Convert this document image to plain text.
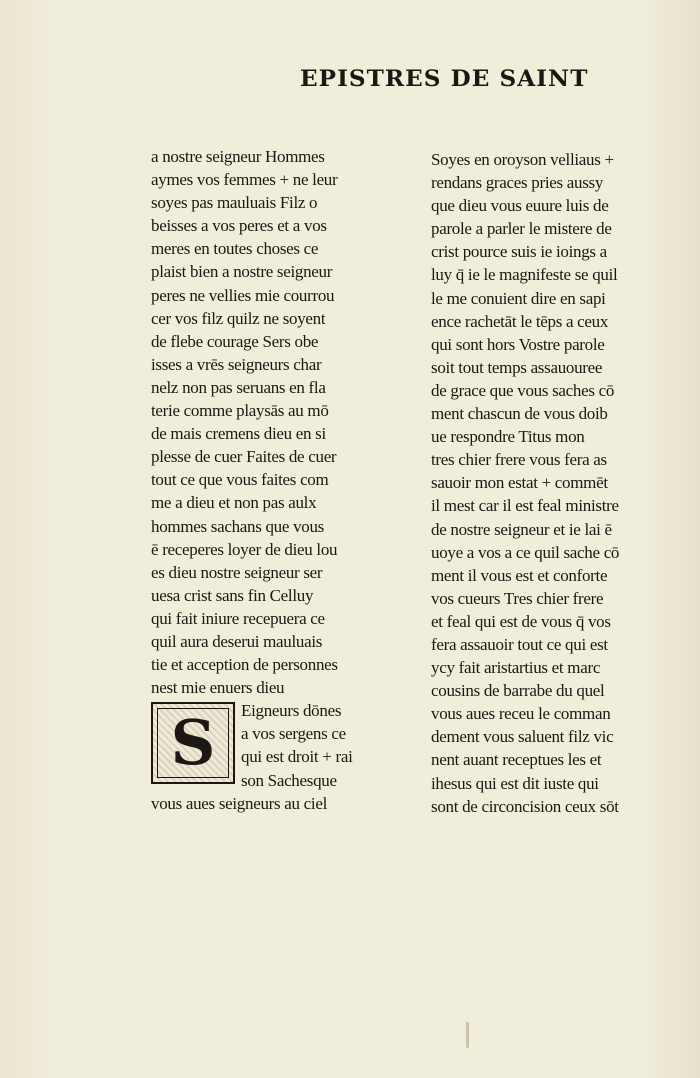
EPISTRES DE SAINT
a nostre seigneur Hommes
aymes vos femmes + ne leur
soyes pas mauluais Filz o
beisses a vos peres et a vos
meres en toutes choses ce
plaist bien a nostre seigneur
peres ne vellies mie courrou
cer vos filz quilz ne soyent
de flebe courage Sers obe
isses a vrēs seigneurs char
nelz non pas seruans en fla
terie comme playsās au mō
de mais cremens dieu en si
plesse de cuer Faites de cuer
tout ce que vous faites com
me a dieu et non pas aulx
hommes sachans que vous
ē receperes loyer de dieu lou
es dieu nostre seigneur ser
uesa crist sans fin Celluy
qui fait iniure recepuera ce
quil aura deserui mauluais
tie et acception de personnes
nest mie enuers dieu
S	Eigneurs dōnes
a vos sergens ce
qui est droit + rai
son Sachesque
vous aues seigneurs au ciel
Soyes en oroyson velliaus +
rendans graces pries aussy
que dieu vous euure luis de
parole a parler le mistere de
crist pource suis ie ioings a
luy q̄ ie le magnifeste se quil
le me conuient dire en sapi
ence rachetāt le tēps a ceux
qui sont hors Vostre parole
soit tout temps assauouree
de grace que vous saches cō
ment chascun de vous doib
ue respondre Titus mon
tres chier frere vous fera as
sauoir mon estat + commēt
il mest car il est feal ministre
de nostre seigneur et ie lai ē
uoye a vos a ce quil sache cō
ment il vous est et conforte
vos cueurs Tres chier frere
et feal qui est de vous q̄ vos
fera assauoir tout ce qui est
ycy fait aristartius et marc
cousins de barrabe du quel
vous aues receu le comman
dement vous saluent filz vic
nent auant receptues les et
ihesus qui est dit iuste qui
sont de circoncision ceux sōt
